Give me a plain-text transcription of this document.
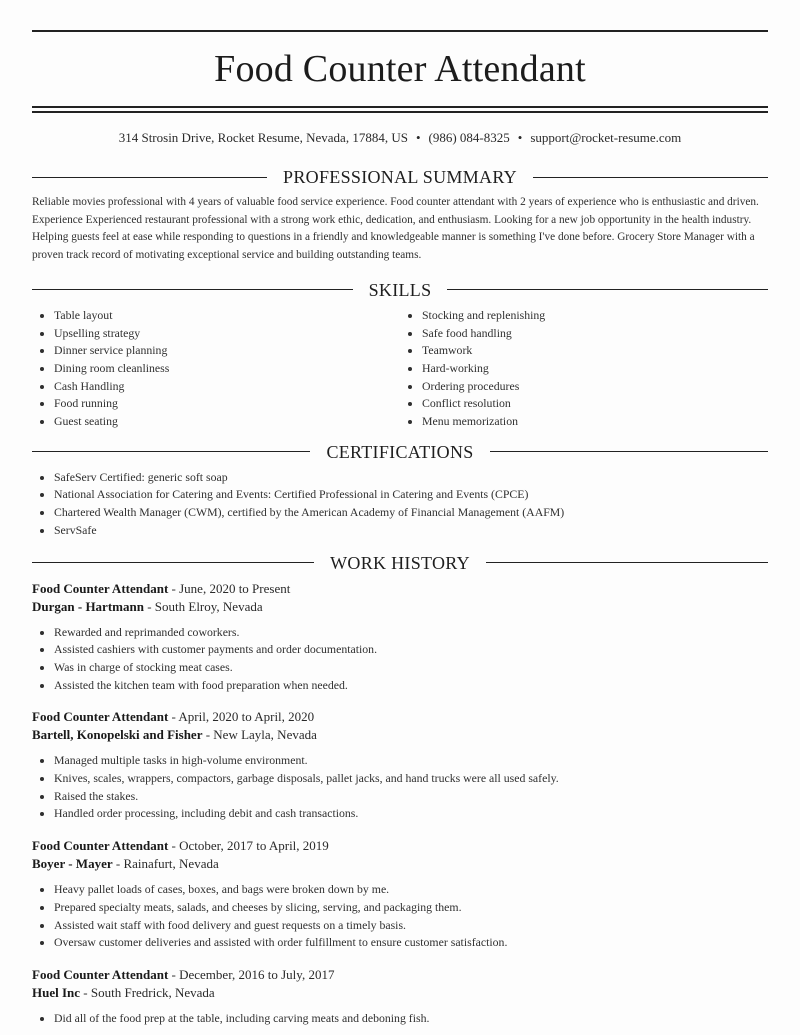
Food Counter Attendant
314 Strosin Drive, Rocket Resume, Nevada, 17884, US • (986) 084-8325 • support@rocket-resume.com
PROFESSIONAL SUMMARY
Reliable movies professional with 4 years of valuable food service experience. Food counter attendant with 2 years of experience who is enthusiastic and driven. Experience Experienced restaurant professional with a strong work ethic, dedication, and enthusiasm. Looking for a new job opportunity in the health industry. Helping guests feel at ease while responding to questions in a friendly and knowledgeable manner is something I've done before. Grocery Store Manager with a proven track record of motivating exceptional service and building outstanding teams.
SKILLS
• Table layout
• Upselling strategy
• Dinner service planning
• Dining room cleanliness
• Cash Handling
• Food running
• Guest seating
• Stocking and replenishing
• Safe food handling
• Teamwork
• Hard-working
• Ordering procedures
• Conflict resolution
• Menu memorization
CERTIFICATIONS
• SafeServ Certified: generic soft soap
• National Association for Catering and Events: Certified Professional in Catering and Events (CPCE)
• Chartered Wealth Manager (CWM), certified by the American Academy of Financial Management (AAFM)
• ServSafe
WORK HISTORY
Food Counter Attendant - June, 2020 to Present
Durgan - Hartmann - South Elroy, Nevada
• Rewarded and reprimanded coworkers.
• Assisted cashiers with customer payments and order documentation.
• Was in charge of stocking meat cases.
• Assisted the kitchen team with food preparation when needed.
Food Counter Attendant - April, 2020 to April, 2020
Bartell, Konopelski and Fisher - New Layla, Nevada
• Managed multiple tasks in high-volume environment.
• Knives, scales, wrappers, compactors, garbage disposals, pallet jacks, and hand trucks were all used safely.
• Raised the stakes.
• Handled order processing, including debit and cash transactions.
Food Counter Attendant - October, 2017 to April, 2019
Boyer - Mayer - Rainafurt, Nevada
• Heavy pallet loads of cases, boxes, and bags were broken down by me.
• Prepared specialty meats, salads, and cheeses by slicing, serving, and packaging them.
• Assisted wait staff with food delivery and guest requests on a timely basis.
• Oversaw customer deliveries and assisted with order fulfillment to ensure customer satisfaction.
Food Counter Attendant - December, 2016 to July, 2017
Huel Inc - South Fredrick, Nevada
• Did all of the food prep at the table, including carving meats and deboning fish.
